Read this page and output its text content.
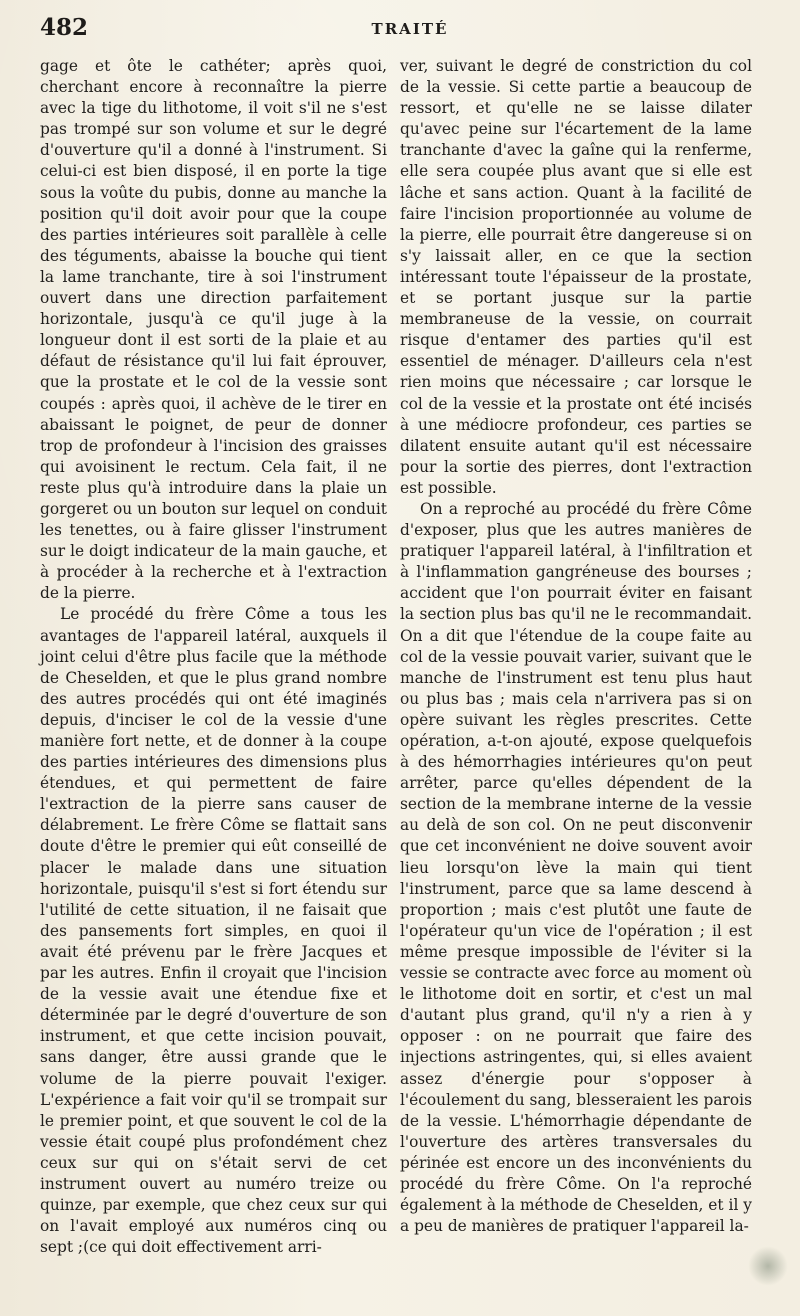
482	TRAITÉ

gage et ôte le cathéter; après quoi, cherchant encore à reconnaître la pierre avec la tige du lithotome, il voit s'il ne s'est pas trompé sur son volume et sur le degré d'ouverture qu'il a donné à l'instrument. Si celui-ci est bien disposé, il en porte la tige sous la voûte du pubis, donne au manche la position qu'il doit avoir pour que la coupe des parties intérieures soit parallèle à celle des téguments, abaisse la bouche qui tient la lame tranchante, tire à soi l'instrument ouvert dans une direction parfaitement horizontale, jusqu'à ce qu'il juge à la longueur dont il est sorti de la plaie et au défaut de résistance qu'il lui fait éprouver, que la prostate et le col de la vessie sont coupés : après quoi, il achève de le tirer en abaissant le poignet, de peur de donner trop de profondeur à l'incision des graisses qui avoisinent le rectum. Cela fait, il ne reste plus qu'à introduire dans la plaie un gorgeret ou un bouton sur lequel on conduit les tenettes, ou à faire glisser l'instrument sur le doigt indicateur de la main gauche, et à procéder à la recherche et à l'extraction de la pierre.

Le procédé du frère Côme a tous les avantages de l'appareil latéral, auxquels il joint celui d'être plus facile que la méthode de Cheselden, et que le plus grand nombre des autres procédés qui ont été imaginés depuis, d'inciser le col de la vessie d'une manière fort nette, et de donner à la coupe des parties intérieures des dimensions plus étendues, et qui permettent de faire l'extraction de la pierre sans causer de délabrement. Le frère Côme se flattait sans doute d'être le premier qui eût conseillé de placer le malade dans une situation horizontale, puisqu'il s'est si fort étendu sur l'utilité de cette situation, il ne faisait que des pansements fort simples, en quoi il avait été prévenu par le frère Jacques et par les autres. Enfin il croyait que l'incision de la vessie avait une étendue fixe et déterminée par le degré d'ouverture de son instrument, et que cette incision pouvait, sans danger, être aussi grande que le volume de la pierre pouvait l'exiger. L'expérience a fait voir qu'il se trompait sur le premier point, et que souvent le col de la vessie était coupé plus profondément chez ceux sur qui on s'était servi de cet instrument ouvert au numéro treize ou quinze, par exemple, que chez ceux sur qui on l'avait employé aux numéros cinq ou sept ;(ce qui doit effectivement arri-

ver, suivant le degré de constriction du col de la vessie. Si cette partie a beaucoup de ressort, et qu'elle ne se laisse dilater qu'avec peine sur l'écartement de la lame tranchante d'avec la gaîne qui la renferme, elle sera coupée plus avant que si elle est lâche et sans action. Quant à la facilité de faire l'incision proportionnée au volume de la pierre, elle pourrait être dangereuse si on s'y laissait aller, en ce que la section intéressant toute l'épaisseur de la prostate, et se portant jusque sur la partie membraneuse de la vessie, on courrait risque d'entamer des parties qu'il est essentiel de ménager. D'ailleurs cela n'est rien moins que nécessaire ; car lorsque le col de la vessie et la prostate ont été incisés à une médiocre profondeur, ces parties se dilatent ensuite autant qu'il est nécessaire pour la sortie des pierres, dont l'extraction est possible.

On a reproché au procédé du frère Côme d'exposer, plus que les autres manières de pratiquer l'appareil latéral, à l'infiltration et à l'inflammation gangréneuse des bourses ; accident que l'on pourrait éviter en faisant la section plus bas qu'il ne le recommandait. On a dit que l'étendue de la coupe faite au col de la vessie pouvait varier, suivant que le manche de l'instrument est tenu plus haut ou plus bas ; mais cela n'arrivera pas si on opère suivant les règles prescrites. Cette opération, a-t-on ajouté, expose quelquefois à des hémorrhagies intérieures qu'on peut arrêter, parce qu'elles dépendent de la section de la membrane interne de la vessie au delà de son col. On ne peut disconvenir que cet inconvénient ne doive souvent avoir lieu lorsqu'on lève la main qui tient l'instrument, parce que sa lame descend à proportion ; mais c'est plutôt une faute de l'opérateur qu'un vice de l'opération ; il est même presque impossible de l'éviter si la vessie se contracte avec force au moment où le lithotome doit en sortir, et c'est un mal d'autant plus grand, qu'il n'y a rien à y opposer : on ne pourrait que faire des injections astringentes, qui, si elles avaient assez d'énergie pour s'opposer à l'écoulement du sang, blesseraient les parois de la vessie. L'hémorrhagie dépendante de l'ouverture des artères transversales du périnée est encore un des inconvénients du procédé du frère Côme. On l'a reproché également à la méthode de Cheselden, et il y a peu de manières de pratiquer l'appareil la-
